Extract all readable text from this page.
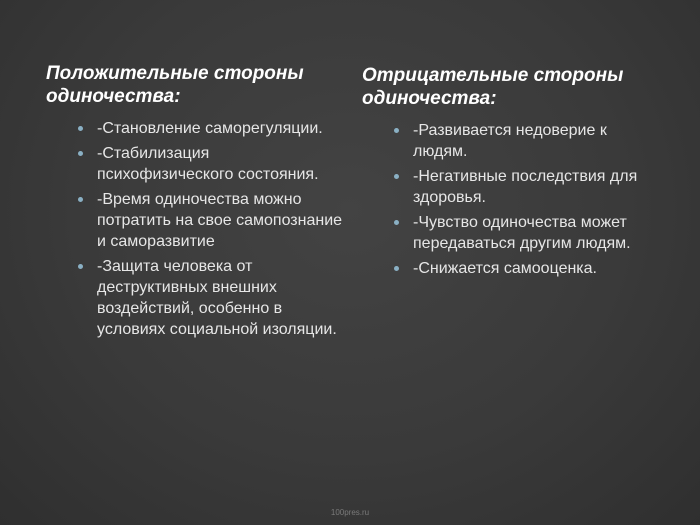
Положительные стороны одиночества:
-Становление саморегуляции.
-Стабилизация психофизического состояния.
-Время одиночества можно потратить на свое самопознание и саморазвитие
-Защита человека от деструктивных внешних воздействий, особенно в условиях социальной изоляции.
Отрицательные стороны одиночества:
-Развивается недоверие к людям.
-Негативные последствия для здоровья.
-Чувство одиночества может передаваться другим людям.
-Снижается самооценка.
100pres.ru
